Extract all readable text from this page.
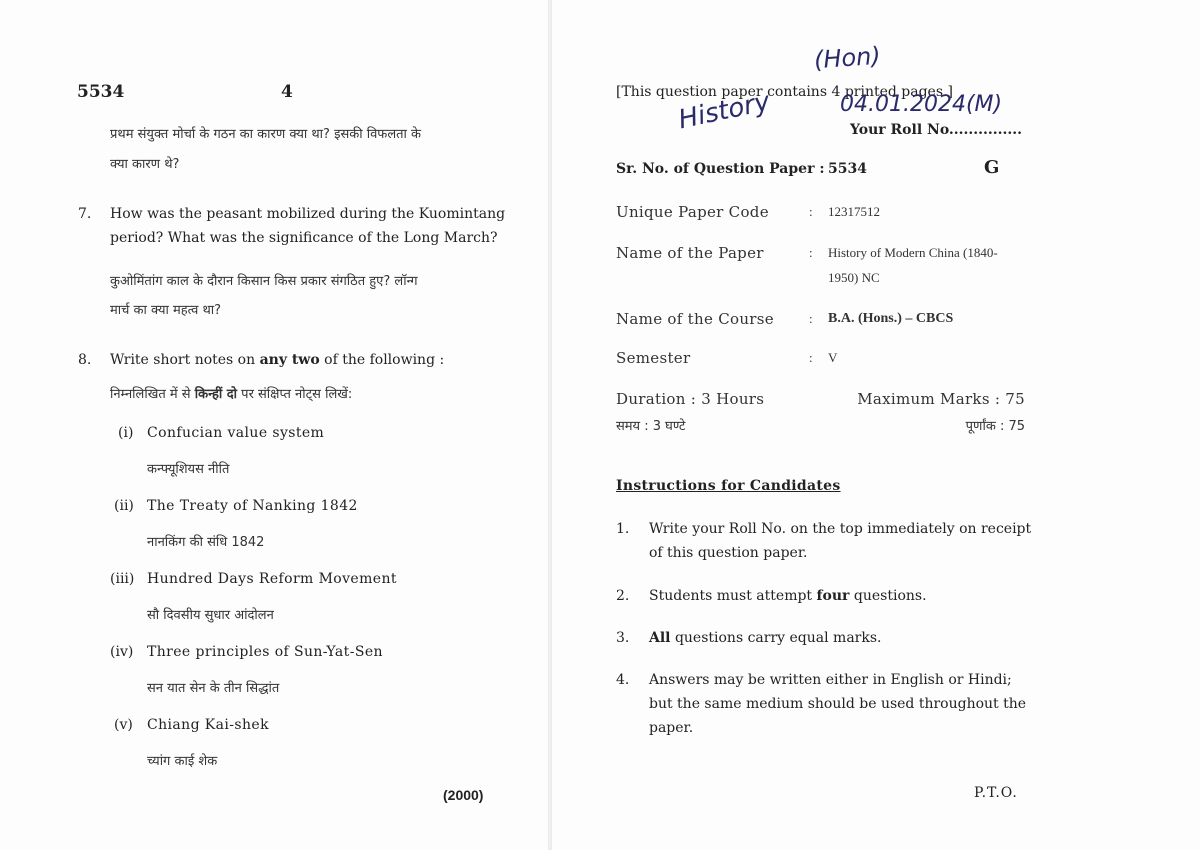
5534	4
प्रथम संयुक्त मोर्चा के गठन का कारण क्या था? इसकी विफलता के
क्या कारण थे?
7. How was the peasant mobilized during the Kuomintang
period? What was the significance of the Long March?
कुओमिंतांग काल के दौरान किसान किस प्रकार संगठित हुए? लॉन्ग
मार्च का क्या महत्व था?
8. Write short notes on any two of the following :
निम्नलिखित में से किन्हीं दो पर संक्षिप्त नोट्स लिखें:
(i) Confucian value system
कन्फ्यूशियस नीति
(ii) The Treaty of Nanking 1842
नानकिंग की संधि 1842
(iii) Hundred Days Reform Movement
सौ दिवसीय सुधार आंदोलन
(iv) Three principles of Sun-Yat-Sen
सन यात सेन के तीन सिद्धांत
(v) Chiang Kai-shek
च्यांग काई शेक
(2000)
[This question paper contains 4 printed pages.]
History
(Hon)
04.01.2024(M)
Your Roll No...............
Sr. No. of Question Paper : 5534	G
Unique Paper Code	: 12317512
Name of the Paper	: History of Modern China (1840-
1950) NC
Name of the Course	: B.A. (Hons.) – CBCS
Semester	: V
Duration : 3 Hours
समय : 3 घण्टे
Maximum Marks : 75
पूर्णांक : 75
Instructions for Candidates
1. Write your Roll No. on the top immediately on receipt
of this question paper.
2. Students must attempt four questions.
3. All questions carry equal marks.
4. Answers may be written either in English or Hindi;
but the same medium should be used throughout the
paper.
P.T.O.
